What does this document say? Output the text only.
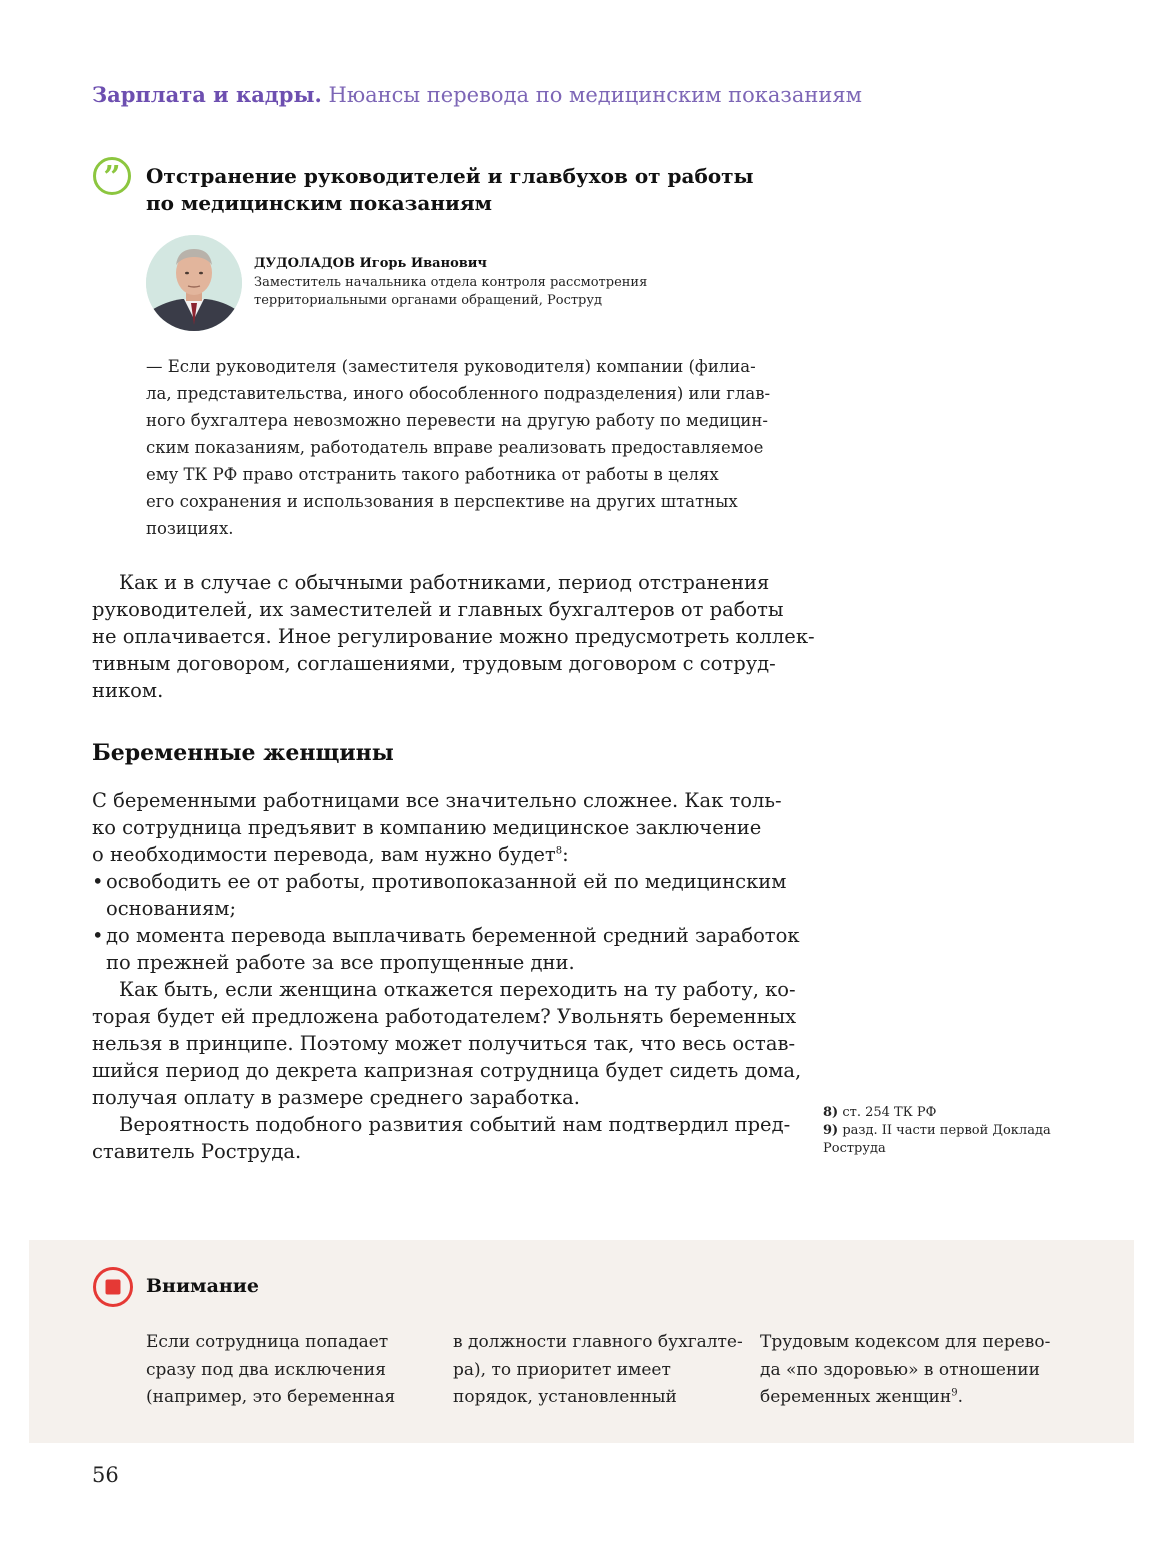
Зарплата и кадры. Нюансы перевода по медицинским показаниям
” Отстранение руководителей и главбухов от работы
по медицинским показаниям
ДУДОЛАДОВ Игорь Иванович
Заместитель начальника отдела контроля рассмотрения
территориальными органами обращений, Роструд
— Если руководителя (заместителя руководителя) компании (филиа-
ла, представительства, иного обособленного подразделения) или глав-
ного бухгалтера невозможно перевести на другую работу по медицин-
ским показаниям, работодатель вправе реализовать предоставляемое
ему ТК РФ право отстранить такого работника от работы в целях
его сохранения и использования в перспективе на других штатных
позициях.
Как и в случае с обычными работниками, период отстранения
руководителей, их заместителей и главных бухгалтеров от работы
не оплачивается. Иное регулирование можно предусмотреть коллек-
тивным договором, соглашениями, трудовым договором с сотруд-
ником.
Беременные женщины
С беременными работницами все значительно сложнее. Как толь-
ко сотрудница предъявит в компанию медицинское заключение
о необходимости перевода, вам нужно будет$^8$:
• освободить ее от работы, противопоказанной ей по медицинским
основаниям;
• до момента перевода выплачивать беременной средний заработок
по прежней работе за все пропущенные дни.
Как быть, если женщина откажется переходить на ту работу, ко-
торая будет ей предложена работодателем? Увольнять беременных
нельзя в принципе. Поэтому может получиться так, что весь остав-
шийся период до декрета капризная сотрудница будет сидеть дома,
получая оплату в размере среднего заработка.
Вероятность подобного развития событий нам подтвердил пред-
ставитель Роструда.
8) ст. 254 ТК РФ
9) разд. II части первой Доклада
Роструда
Внимание
Если сотрудница попадает
сразу под два исключения
(например, это беременная
в должности главного бухгалте-
ра), то приоритет имеет
порядок, установленный
Трудовым кодексом для перево-
да «по здоровью» в отношении
беременных женщин$^9$.
56
